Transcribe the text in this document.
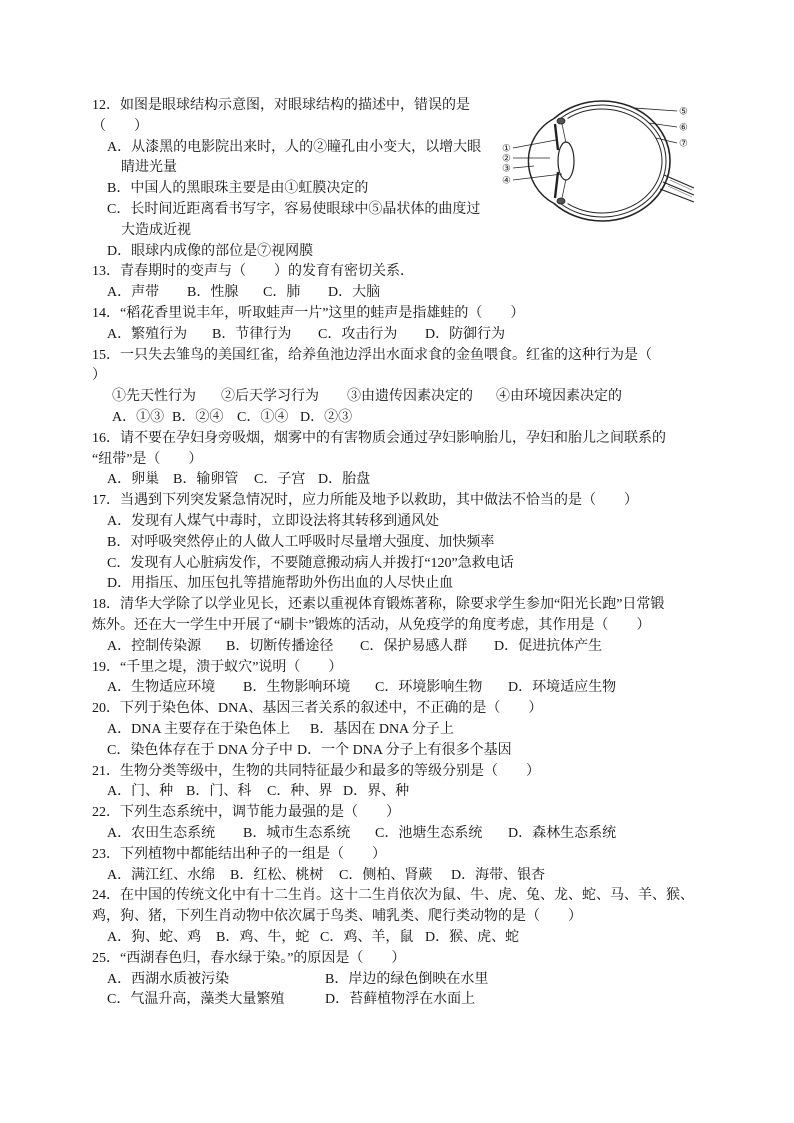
①
②
③
④
⑤
⑥
⑦
12．如图是眼球结构示意图，对眼球结构的描述中，错误的是
（　　）
A．从漆黑的电影院出来时，人的②瞳孔由小变大，以增大眼
睛进光量
B．中国人的黑眼珠主要是由①虹膜决定的
C．长时间近距离看书写字，容易使眼球中⑤晶状体的曲度过
大造成近视
D．眼球内成像的部位是⑦视网膜
13．青春期时的变声与（　　）的发育有密切关系．
A．声带 B．性腺 C．肺 D．大脑
14．“稻花香里说丰年，听取蛙声一片”这里的蛙声是指雄蛙的（　　）
A．繁殖行为 B．节律行为 C．攻击行为 D．防御行为
15．一只失去雏鸟的美国红雀，给养鱼池边浮出水面求食的金鱼喂食。红雀的这种行为是（
）
①先天性行为 ②后天学习行为 ③由遗传因素决定的 ④由环境因素决定的
A．①③ B．②④ C．①④ D．②③
16．请不要在孕妇身旁吸烟，烟雾中的有害物质会通过孕妇影响胎儿，孕妇和胎儿之间联系的
“纽带”是（　　）
A．卵巢 B．输卵管 C．子宫 D．胎盘
17．当遇到下列突发紧急情况时，应力所能及地予以救助，其中做法不恰当的是（　　）
A．发现有人煤气中毒时，立即设法将其转移到通风处
B．对呼吸突然停止的人做人工呼吸时尽量增大强度、加快频率
C．发现有人心脏病发作，不要随意搬动病人并拨打“120”急救电话
D．用指压、加压包扎等措施帮助外伤出血的人尽快止血
18．清华大学除了以学业见长，还素以重视体育锻炼著称，除要求学生参加“阳光长跑”日常锻
炼外。还在大一学生中开展了“刷卡”锻炼的活动，从免疫学的角度考虑，其作用是（　　）
A．控制传染源 B．切断传播途径 C．保护易感人群 D．促进抗体产生
19．“千里之堤，溃于蚁穴”说明（　　）
A．生物适应环境 B．生物影响环境 C．环境影响生物 D．环境适应生物
20．下列于染色体、DNA、基因三者关系的叙述中，不正确的是（　　）
A．DNA 主要存在于染色体上 B．基因在 DNA 分子上
C．染色体存在于 DNA 分子中 D．一个 DNA 分子上有很多个基因
21．生物分类等级中，生物的共同特征最少和最多的等级分别是（　　）
A．门、种 B．门、科 C．种、界 D．界、种
22．下列生态系统中，调节能力最强的是（　　）
A．农田生态系统 B．城市生态系统 C．池塘生态系统 D．森林生态系统
23．下列植物中都能结出种子的一组是（　　）
A．满江红、水绵 B．红松、桃树 C．侧柏、肾蕨 D．海带、银杏
24．在中国的传统文化中有十二生肖。这十二生肖依次为鼠、牛、虎、兔、龙、蛇、马、羊、猴、
鸡，狗、猪，下列生肖动物中依次属于鸟类、哺乳类、爬行类动物的是（　　）
A．狗、蛇、鸡 B．鸡、牛，蛇 C．鸡、羊，鼠 D．猴、虎、蛇
25．“西湖春色归，春水绿于染。”的原因是（　　）
A．西湖水质被污染	B．岸边的绿色倒映在水里
C．气温升高，藻类大量繁殖	D．苔藓植物浮在水面上
